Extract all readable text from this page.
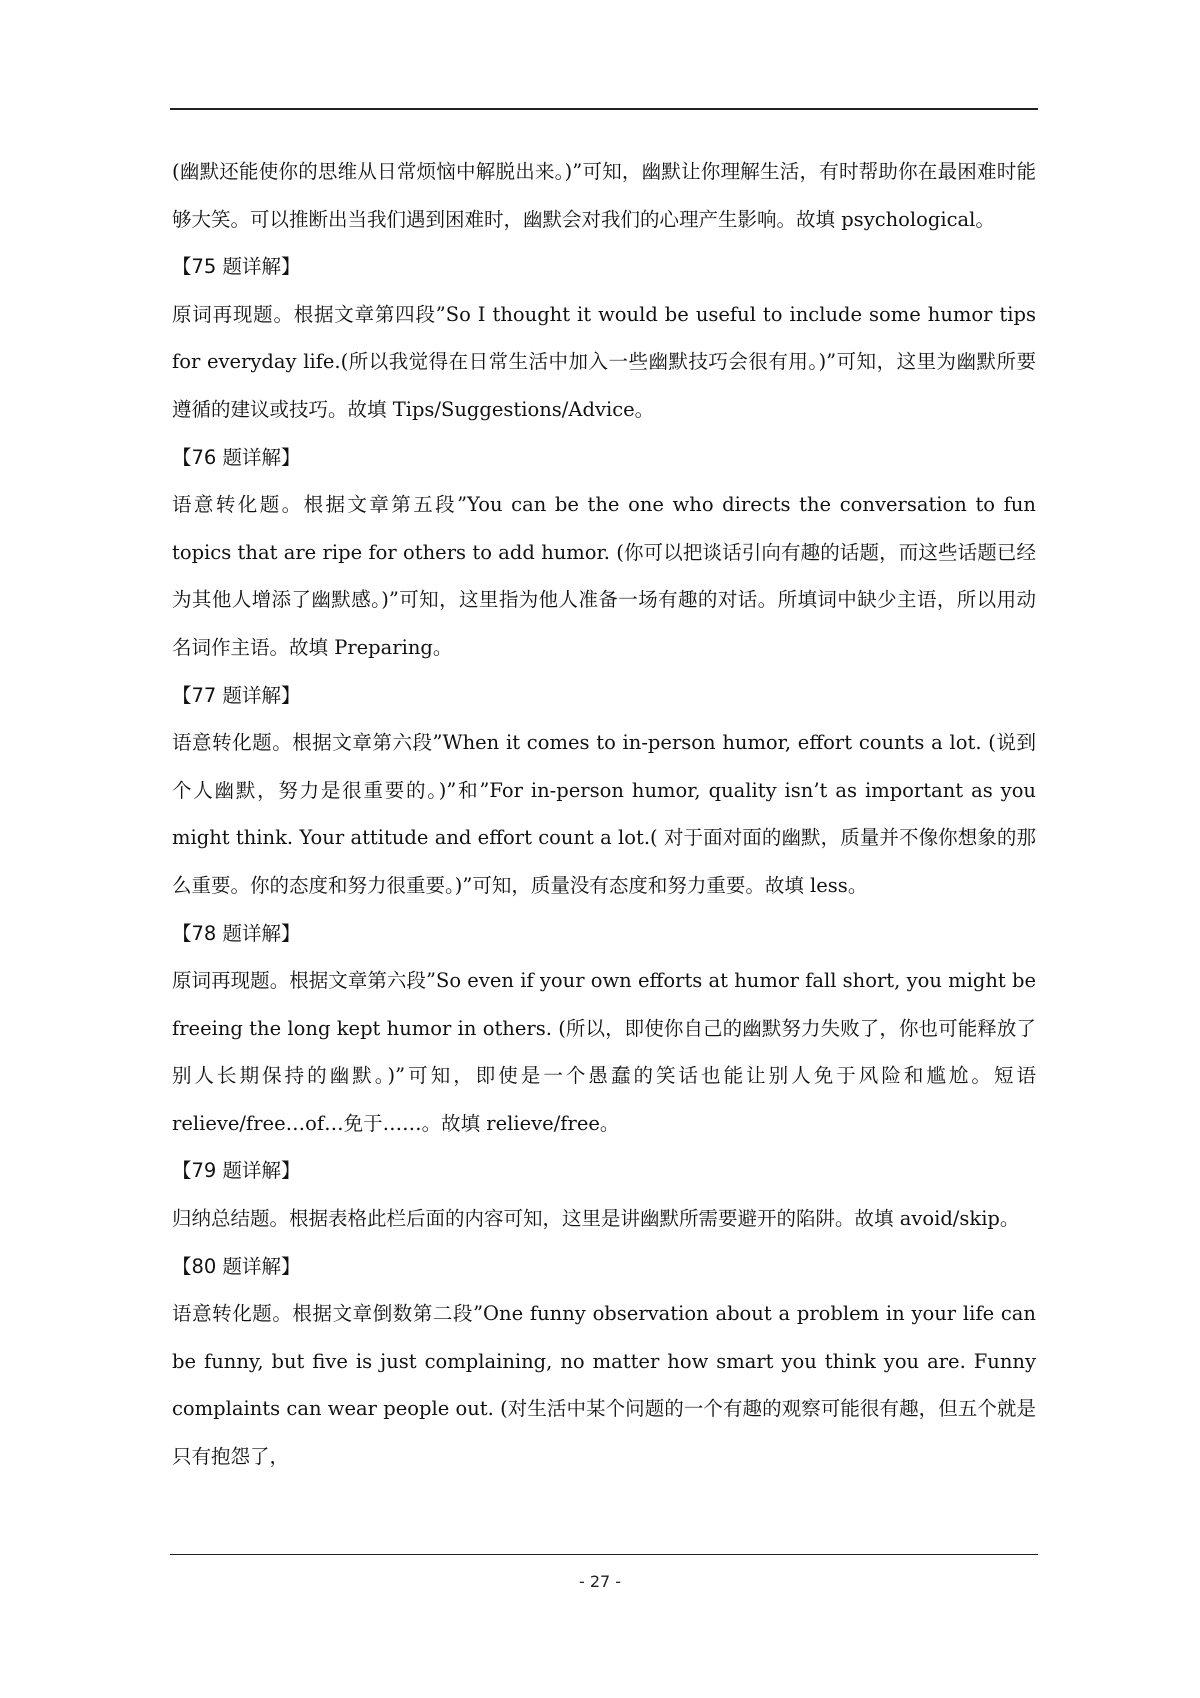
(幽默还能使你的思维从日常烦恼中解脱出来。)”可知，幽默让你理解生活，有时帮助你在最困难时能够大笑。可以推断出当我们遇到困难时，幽默会对我们的心理产生影响。故填 psychological。

【75 题详解】

原词再现题。根据文章第四段”So I thought it would be useful to include some humor tips for everyday life.(所以我觉得在日常生活中加入一些幽默技巧会很有用。)”可知，这里为幽默所要遵循的建议或技巧。故填 Tips/Suggestions/Advice。

【76 题详解】

语意转化题。根据文章第五段”You can be the one who directs the conversation to fun topics that are ripe for others to add humor. (你可以把谈话引向有趣的话题，而这些话题已经为其他人增添了幽默感。)”可知，这里指为他人准备一场有趣的对话。所填词中缺少主语，所以用动名词作主语。故填 Preparing。

【77 题详解】

语意转化题。根据文章第六段”When it comes to in-person humor, effort counts a lot. (说到个人幽默，努力是很重要的。)”和”For in-person humor, quality isn’t as important as you might think. Your attitude and effort count a lot.( 对于面对面的幽默，质量并不像你想象的那么重要。你的态度和努力很重要。)”可知，质量没有态度和努力重要。故填 less。

【78 题详解】

原词再现题。根据文章第六段”So even if your own efforts at humor fall short, you might be freeing the long kept humor in others. (所以，即使你自己的幽默努力失败了，你也可能释放了别人长期保持的幽默。)”可知，即使是一个愚蠢的笑话也能让别人免于风险和尴尬。短语 relieve/free…of…免于……。故填 relieve/free。

【79 题详解】

归纳总结题。根据表格此栏后面的内容可知，这里是讲幽默所需要避开的陷阱。故填 avoid/skip。

【80 题详解】

语意转化题。根据文章倒数第二段”One funny observation about a problem in your life can be funny, but five is just complaining, no matter how smart you think you are. Funny complaints can wear people out. (对生活中某个问题的一个有趣的观察可能很有趣，但五个就是只有抱怨了，

- 27 -
